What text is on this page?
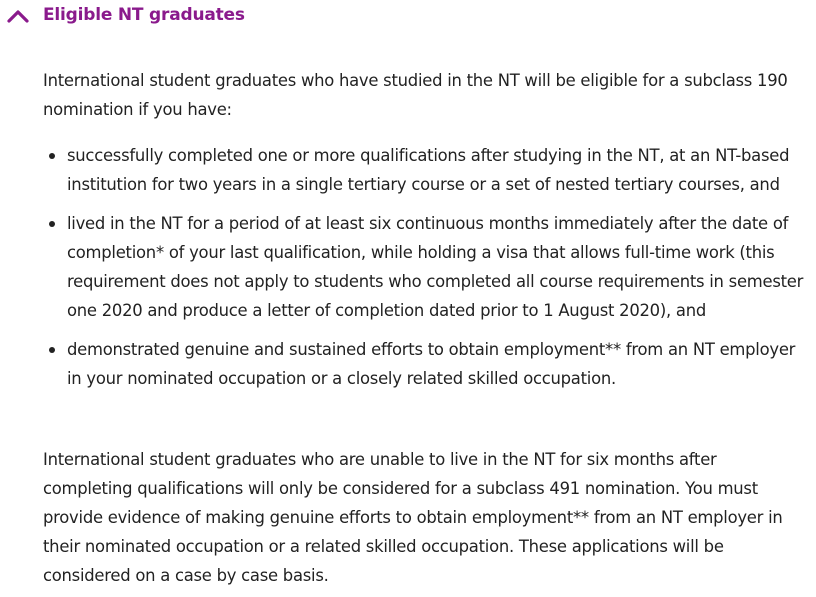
Eligible NT graduates

International student graduates who have studied in the NT will be eligible for a subclass 190 nomination if you have:

successfully completed one or more qualifications after studying in the NT, at an NT-based institution for two years in a single tertiary course or a set of nested tertiary courses, and
lived in the NT for a period of at least six continuous months immediately after the date of completion* of your last qualification, while holding a visa that allows full-time work (this requirement does not apply to students who completed all course requirements in semester one 2020 and produce a letter of completion dated prior to 1 August 2020), and
demonstrated genuine and sustained efforts to obtain employment** from an NT employer in your nominated occupation or a closely related skilled occupation.

International student graduates who are unable to live in the NT for six months after completing qualifications will only be considered for a subclass 491 nomination. You must provide evidence of making genuine efforts to obtain employment** from an NT employer in their nominated occupation or a related skilled occupation. These applications will be considered on a case by case basis.
